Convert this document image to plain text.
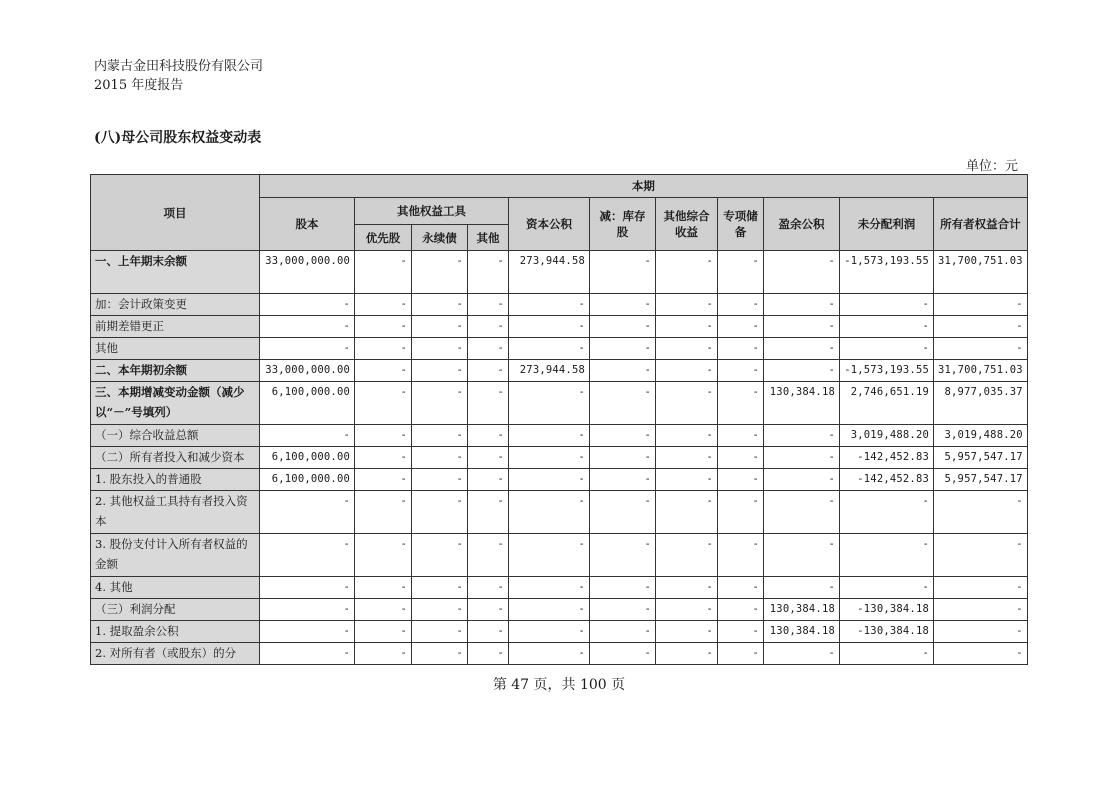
内蒙古金田科技股份有限公司
2015 年度报告
(八)母公司股东权益变动表
单位：元
项目	本期										
	股本	其他权益工具			资本公积	减：库存股	其他综合收益	专项储备	盈余公积	未分配利润	所有者权益合计
		优先股	永续债	其他							
一、上年期末余额	33,000,000.00	-	-	-	273,944.58	-	-	-	-	-1,573,193.55	31,700,751.03
加：会计政策变更	-	-	-	-	-	-	-	-	-	-	-
前期差错更正	-	-	-	-	-	-	-	-	-	-	-
其他	-	-	-	-	-	-	-	-	-	-	-
二、本年期初余额	33,000,000.00	-	-	-	273,944.58	-	-	-	-	-1,573,193.55	31,700,751.03
三、本期增减变动金额（减少以“－”号填列）	6,100,000.00	-	-	-	-	-	-	-	130,384.18	2,746,651.19	8,977,035.37
（一）综合收益总额	-	-	-	-	-	-	-	-	-	3,019,488.20	3,019,488.20
（二）所有者投入和减少资本	6,100,000.00	-	-	-	-	-	-	-	-	-142,452.83	5,957,547.17
1. 股东投入的普通股	6,100,000.00	-	-	-	-	-	-	-	-	-142,452.83	5,957,547.17
2. 其他权益工具持有者投入资本	-	-	-	-	-	-	-	-	-	-	-
3. 股份支付计入所有者权益的金额	-	-	-	-	-	-	-	-	-	-	-
4. 其他	-	-	-	-	-	-	-	-	-	-	-
（三）利润分配	-	-	-	-	-	-	-	-	130,384.18	-130,384.18	-
1. 提取盈余公积	-	-	-	-	-	-	-	-	130,384.18	-130,384.18	-
2. 对所有者（或股东）的分	-	-	-	-	-	-	-	-	-	-	-
第 47 页，共 100 页
